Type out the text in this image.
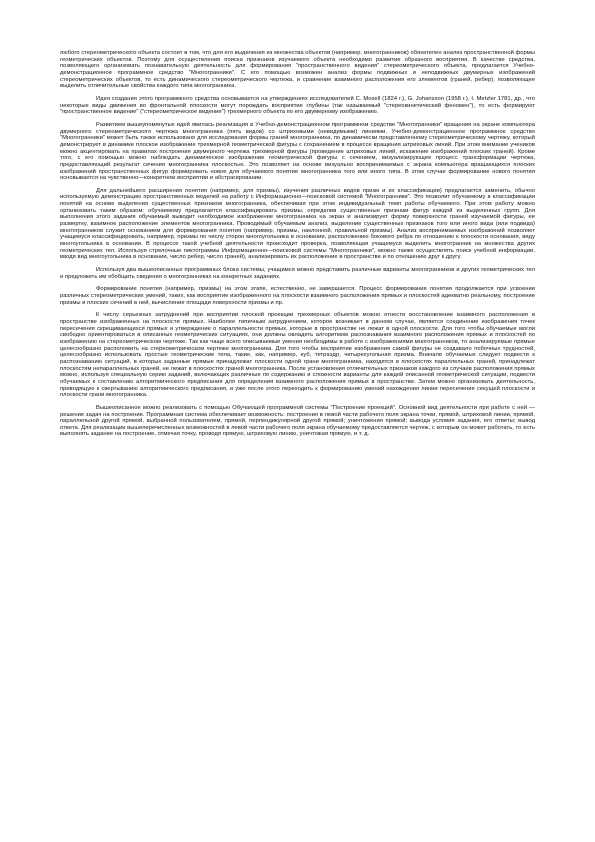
любого стереометрического объекта состоит в том, что для его выделения из множества объектов (например, многогранников) обязателен анализ пространственной формы геометрических объектов. Поэтому для осуществления поиска признаков изучаемого объекта необходимо развитие образного восприятия. В качестве средства, позволяющего организовать познавательную деятельность для формирования "пространственного видения" стереометрического объекта, предлагается Учебно-демонстрационное программное средство "Многогранники". С его помощью возможен анализ формы подвижных и неподвижных двумерных изображений стереометрических объектов, то есть динамического стереометрического чертежа, и сравнение взаимного расположения его элементов (граней, ребер), позволяющее выделить отличительные свойства каждого типа многогранника.

Идея создания этого программного средства основывается на утверждениях исследователей C. Mosell (1824 г.), G. Johansson (1958 г.), I. Metzler 1781, др., что некоторые виды движения во фронтальной плоскости могут порождать восприятие глубины (так называемый "стереокинетический феномен"), то есть формируют "пространственное видение" ("стереометрическое видение") трехмерного объекта по его двумерному изображению.

Развитием вышеупомянутых идей явилась реализация в Учебно-демонстрационном программном средстве "Многогранники" вращения на экране компьютера двумерного стереометрического чертежа многогранника (пять видов) со штриховыми (невидимыми) линиями. Учебно-демонстрационное программное средство "Многогранники" может быть также использовано для исследования формы граней многогранника, по динамически представленному стереометрическому чертежу, который демонстрирует в динамике плоское изображение трехмерной геометрической фигуры с сохранением в процессе вращения штриховых линий. При этом внимание учеников можно акцентировать на правилах построения двумерного чертежа трехмерной фигуры (проведение штриховых линий, искажение изображений плоских граней). Кроме того, с его помощью можно наблюдать динамическое изображение геометрической фигуры с сечением, визуализирующее процесс трансформации чертежа, предоставляющий результат сечения многогранника плоскостью. Это позволяет на основе визуально воспринимаемых с экрана компьютера вращающихся плоских изображений пространственных фигур формировать новое для обучаемого понятие многогранника того или иного типа. В этом случае формирование нового понятия основывается на чувственно—конкретном восприятии и абстрагировании.

Для дальнейшего расширения понятия (например, для призмы), изучения различных видов призм и их классификации) предлагается заменить, обычно используемую демонстрацию пространственных моделей на работу с Информационно—поисковой системой "Многогранники". Это позволит обучаемому в классификации понятий на основе выделения существенных признаков многогранника, обеспечивая при этом индивидуальный темп работы обучаемого. При этом работу можно организовать таким образом: обучаемому предлагается классифицировать призмы, определив существенные признаки фигур каждой из выделенных групп. Для выполнения этого задания обучаемый выводит необходимое изображение многогранника на экран и анализирует форму поверхности граней изучаемой фигуры, ее развертку, взаимное расположение элементов многогранника. Проводимый обучаемым анализ, выделение существенных признаков того или иного вида (или подвида) многогранников служит основанием для формирования понятия (например, призмы, наклонной, правильной призмы). Анализ воспринимаемых изображений позволяет учащемуся классифицировать, например, призмы по числу сторон многоугольника в основании, расположению бокового ребра по отношению к плоскости основания, виду многоугольника в основании. В процессе такой учебной деятельности происходит проверка, позволяющая учащемуся выделить многогранник на множества других геометрических тел. Используя стрелочные пиктограммы Информационно—поисковой системы "Многогранники", можно также осуществлять поиск учебной информации, вводя вид многоугольника в основании, число ребер, число граней), анализировать их расположение в пространстве и по отношению друг к другу.

Используя два вышеописанных программных блока системы, учащимся можно представить различные варианты многогранников и других геометрических тел и предложить им обобщить сведения о многогранниках на конкретных заданиях.

Формирование понятия (например, призмы) на этом этапе, естественно, не завершается. Процесс формирования понятия продолжается при усвоении различных стереометрических умений, таких, как восприятие изображенного на плоскости взаимного расположения прямых и плоскостей адекватно реальному, построение призмы и плоских сечений в ней, вычисление площади поверхности призмы и пр.

К числу серьезных затруднений при восприятии плоской проекции трехмерных объектов можно отнести восстановление взаимного расположения в пространстве изображенных на плоскости прямых. Наиболее типичным затруднением, которое возникает в данном случае, является соединение изображения точек пересечения скрещивающихся прямых и утверждение о параллельности прямых, которые в пространстве не лежат в одной плоскости. Для того чтобы обучаемые могли свободно ориентироваться в описанных геометрических ситуациях, они должны овладеть алгоритмом распознавания взаимного расположения прямых и плоскостей по изображению на стереометрическом чертеже. Так как чаще всего описываемые умения необходимы в работе с изображениями многогранников, то анализируемые прямые целесообразно расположить на стереометрическом чертеже многогранника. Для того чтобы восприятие изображения самой фигуры не создавало побочных трудностей, целесообразно использовать простые геометрические тела, такие, как, например, куб, тетраэдр, четырехугольная призма. Вначале обучаемых следует подвести к распознаванию ситуаций, в которых заданные прямые принадлежат плоскости одной грани многогранника, находятся в плоскостях параллельных граней, принадлежат плоскостям непараллельных граней, не лежат в плоскостях граней многогранника. После установления отличительных признаков каждого из случаев расположения прямых можно, используя специальную серию заданий, включающих различные по содержанию и сложности варианты для каждой описанной геометрической ситуации, подвести обучаемых к составлению алгоритмического предписания для определения взаимного расположения прямых в пространстве. Затем можно организовать деятельность, приводящую к свертыванию алгоритмического предписания, и уже после этого переходить к формированию умений нахождения линии пересечения секущей плоскости и плоскости грани многогранника.

Вышеописанное можно реализовать с помощью Обучающей программной системы "Построение проекций". Основной вид деятельности при работе с ней — решение задач на построение. Программная система обеспечивает возможность: построения в левой части рабочего поля экрана точки, прямой, штриховой линии, прямой, параллельной другой прямой, выбранной пользователем, прямой, перпендикулярной другой прямой; уничтожения прямой; вывода условия задания, его ответы; вывод ответа. Для реализации вышеперечисленных возможностей в левой части рабочего поля экрана обучаемому предоставляется чертеж, с которым он может работать, то есть выполнять задание на построение, отмечая точку, проводя прямую, штриховую линию, уничтожая прямую, и т. д.
